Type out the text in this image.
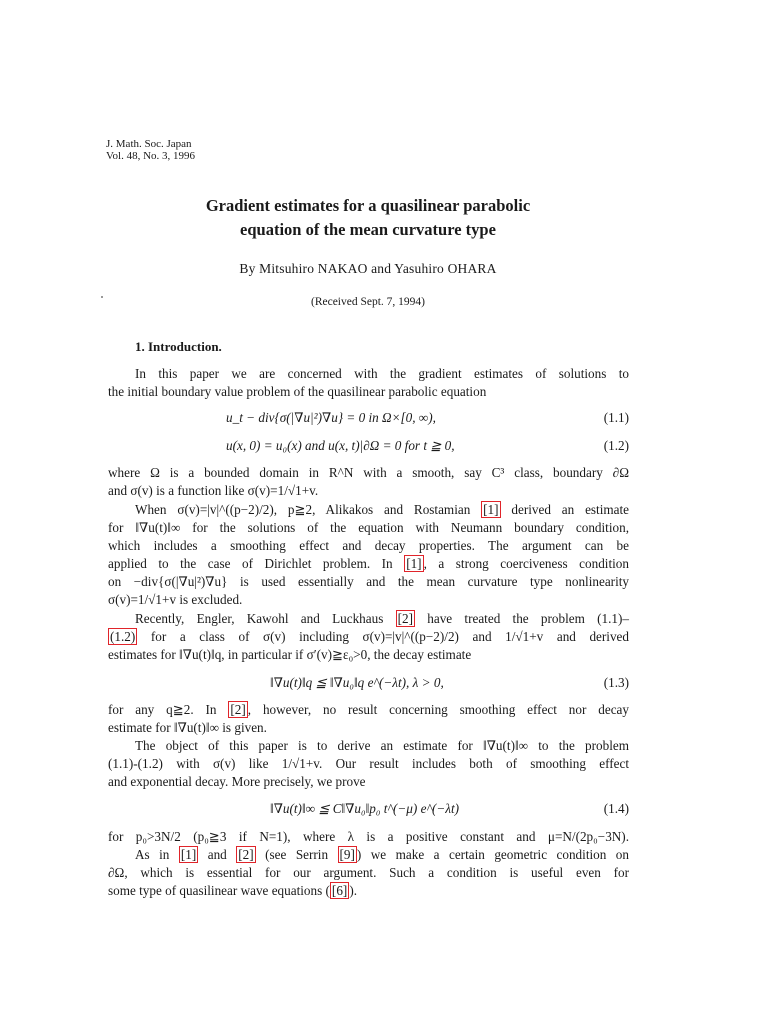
J. Math. Soc. Japan
Vol. 48, No. 3, 1996
Gradient estimates for a quasilinear parabolic
equation of the mean curvature type
By Mitsuhiro NAKAO and Yasuhiro OHARA
(Received Sept. 7, 1994)
1. Introduction.
In this paper we are concerned with the gradient estimates of solutions to
the initial boundary value problem of the quasilinear parabolic equation
u_t − div{σ(|∇u|²)∇u} = 0 in Ω×[0, ∞),	(1.1)
u(x, 0) = u₀(x) and u(x, t)|∂Ω = 0 for t ≧ 0,	(1.2)
where Ω is a bounded domain in R^N with a smooth, say C³ class, boundary ∂Ω
and σ(v) is a function like σ(v)=1/√1+v.
When σ(v)=|v|^((p−2)/2), p≧2, Alikakos and Rostamian [1] derived an estimate
for ‖∇u(t)‖∞ for the solutions of the equation with Neumann boundary condition,
which includes a smoothing effect and decay properties. The argument can be
applied to the case of Dirichlet problem. In [1] , a strong coerciveness condition
on −div{σ(|∇u|²)∇u} is used essentially and the mean curvature type nonlinearity
σ(v)=1/√1+v is excluded.
Recently, Engler, Kawohl and Luckhaus [2] have treated the problem (1.1)–
(1.2) for a class of σ(v) including σ(v)=|v|^((p−2)/2) and 1/√1+v and derived
estimates for ‖∇u(t)‖q, in particular if σ′(v)≧ε₀>0, the decay estimate
‖∇u(t)‖q ≦ ‖∇u₀‖q e^(−λt), λ > 0,	(1.3)
for any q≧2. In [2] , however, no result concerning smoothing effect nor decay
estimate for ‖∇u(t)‖∞ is given.
The object of this paper is to derive an estimate for ‖∇u(t)‖∞ to the problem
(1.1)-(1.2) with σ(v) like 1/√1+v. Our result includes both of smoothing effect
and exponential decay. More precisely, we prove
‖∇u(t)‖∞ ≦ C‖∇u₀‖p₀ t^(−μ) e^(−λt)	(1.4)
for p₀>3N/2 (p₀≧3 if N=1), where λ is a positive constant and μ=N/(2p₀−3N).
As in [1] and [2] (see Serrin [9] ) we make a certain geometric condition on
∂Ω, which is essential for our argument. Such a condition is useful even for
some type of quasilinear wave equations ( [6] ).
